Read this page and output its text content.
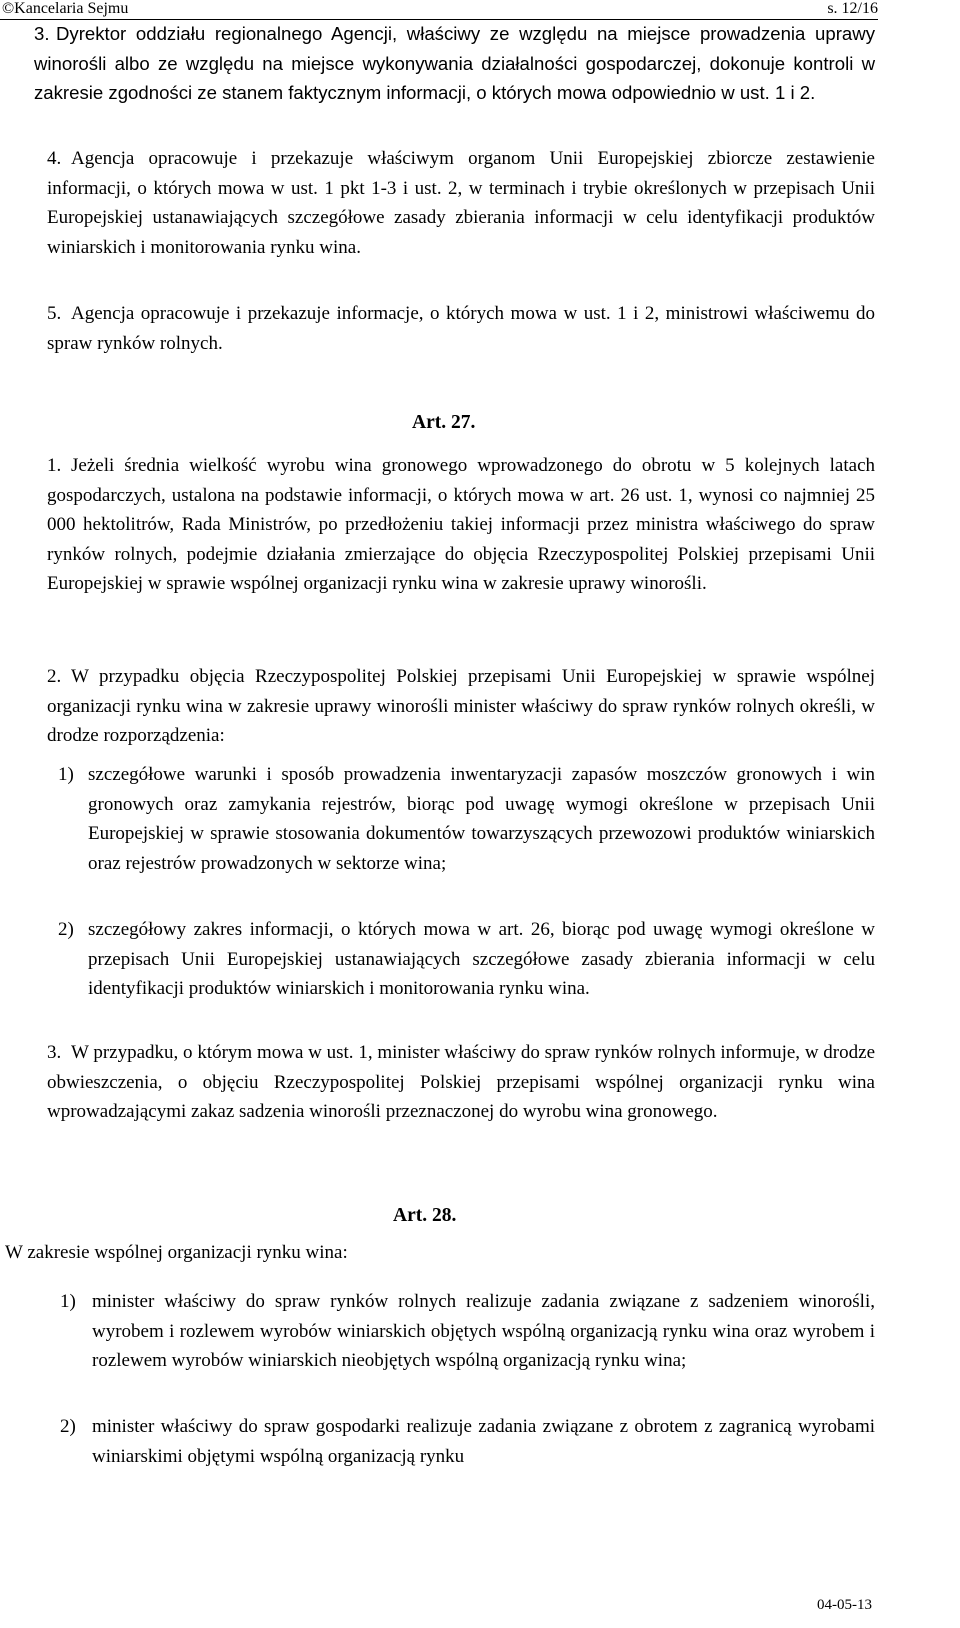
©Kancelaria Sejmu	s. 12/16
3. Dyrektor oddziału regionalnego Agencji, właściwy ze względu na miejsce prowadzenia uprawy winorośli albo ze względu na miejsce wykonywania działalności gospodarczej, dokonuje kontroli w zakresie zgodności ze stanem faktycznym informacji, o których mowa odpowiednio w ust. 1 i 2.
4. Agencja opracowuje i przekazuje właściwym organom Unii Europejskiej zbiorcze zestawienie informacji, o których mowa w ust. 1 pkt 1-3 i ust. 2, w terminach i trybie określonych w przepisach Unii Europejskiej ustanawiających szczegółowe zasady zbierania informacji w celu identyfikacji produktów winiarskich i monitorowania rynku wina.
5. Agencja opracowuje i przekazuje informacje, o których mowa w ust. 1 i 2, ministrowi właściwemu do spraw rynków rolnych.
Art. 27.
1. Jeżeli średnia wielkość wyrobu wina gronowego wprowadzonego do obrotu w 5 kolejnych latach gospodarczych, ustalona na podstawie informacji, o których mowa w art. 26 ust. 1, wynosi co najmniej 25 000 hektolitrów, Rada Ministrów, po przedłożeniu takiej informacji przez ministra właściwego do spraw rynków rolnych, podejmie działania zmierzające do objęcia Rzeczypospolitej Polskiej przepisami Unii Europejskiej w sprawie wspólnej organizacji rynku wina w zakresie uprawy winorośli.
2. W przypadku objęcia Rzeczypospolitej Polskiej przepisami Unii Europejskiej w sprawie wspólnej organizacji rynku wina w zakresie uprawy winorośli minister właściwy do spraw rynków rolnych określi, w drodze rozporządzenia:
1) szczegółowe warunki i sposób prowadzenia inwentaryzacji zapasów moszczów gronowych i win gronowych oraz zamykania rejestrów, biorąc pod uwagę wymogi określone w przepisach Unii Europejskiej w sprawie stosowania dokumentów towarzyszących przewozowi produktów winiarskich oraz rejestrów prowadzonych w sektorze wina;
2) szczegółowy zakres informacji, o których mowa w art. 26, biorąc pod uwagę wymogi określone w przepisach Unii Europejskiej ustanawiających szczegółowe zasady zbierania informacji w celu identyfikacji produktów winiarskich i monitorowania rynku wina.
3. W przypadku, o którym mowa w ust. 1, minister właściwy do spraw rynków rolnych informuje, w drodze obwieszczenia, o objęciu Rzeczypospolitej Polskiej przepisami wspólnej organizacji rynku wina wprowadzającymi zakaz sadzenia winorośli przeznaczonej do wyrobu wina gronowego.
Art. 28.
W zakresie wspólnej organizacji rynku wina:
1) minister właściwy do spraw rynków rolnych realizuje zadania związane z sadzeniem winorośli, wyrobem i rozlewem wyrobów winiarskich objętych wspólną organizacją rynku wina oraz wyrobem i rozlewem wyrobów winiarskich nieobjętych wspólną organizacją rynku wina;
2) minister właściwy do spraw gospodarki realizuje zadania związane z obrotem z zagranicą wyrobami winiarskimi objętymi wspólną organizacją rynku
04-05-13
